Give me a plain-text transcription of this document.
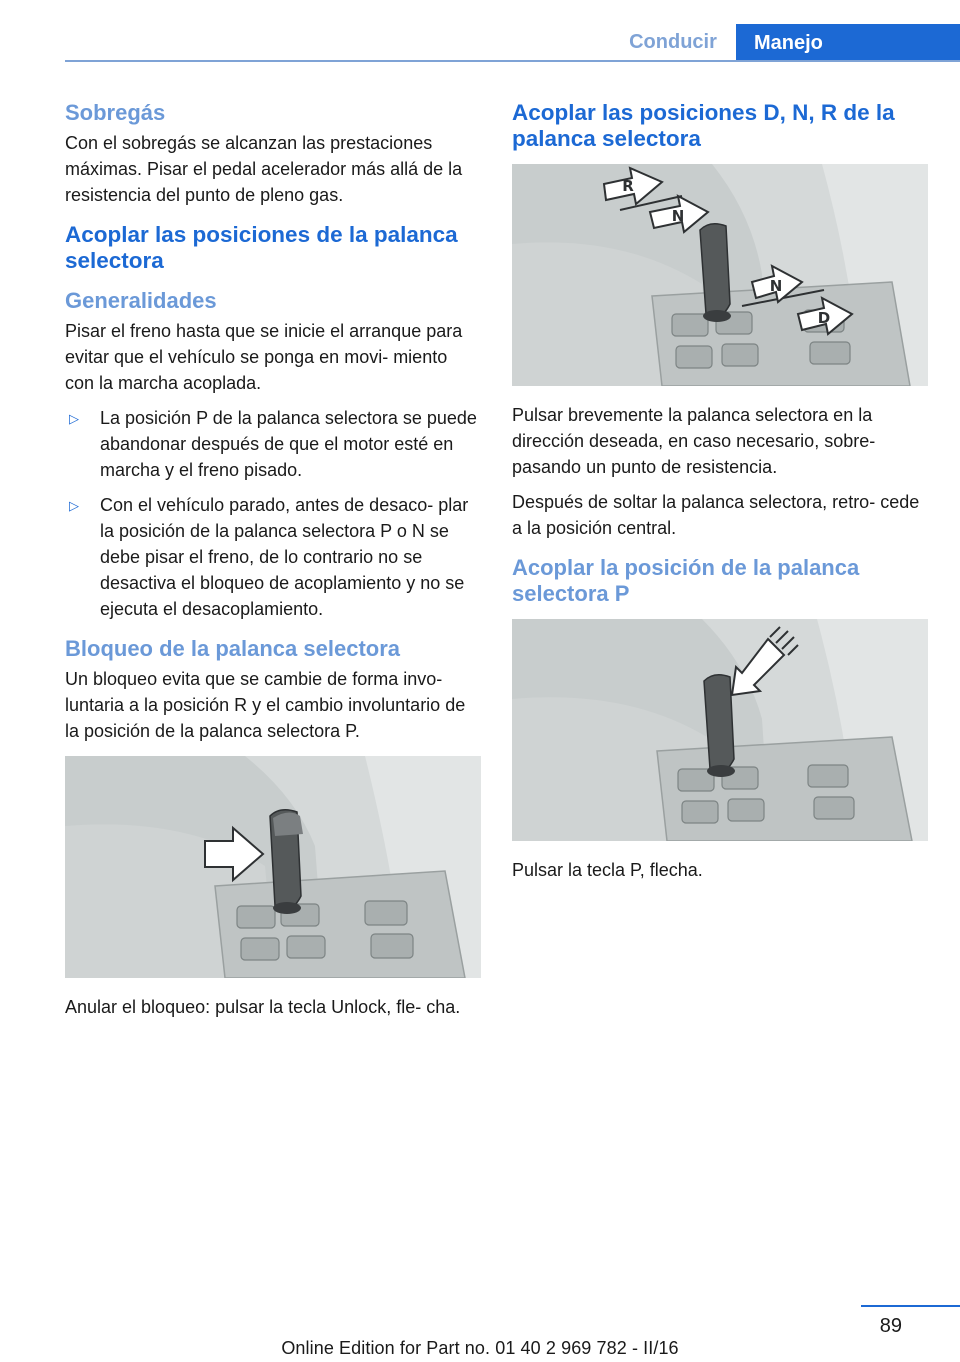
Conducir	Manejo
Sobregás

Con el sobregás se alcanzan las prestaciones máximas. Pisar el pedal acelerador más allá de la resistencia del punto de pleno gas.

Acoplar las posiciones de la palanca selectora
Generalidades

Pisar el freno hasta que se inicie el arranque para evitar que el vehículo se ponga en movi- miento con la marcha acoplada.

▷ La posición P de la palanca selectora se puede abandonar después de que el motor esté en marcha y el freno pisado.
▷ Con el vehículo parado, antes de desaco- plar la posición de la palanca selectora P o N se debe pisar el freno, de lo contrario no se desactiva el bloqueo de acoplamiento y no se ejecuta el desacoplamiento.
Bloqueo de la palanca selectora

Un bloqueo evita que se cambie de forma invo- luntaria a la posición R y el cambio involuntario de la posición de la palanca selectora P.

Anular el bloqueo: pulsar la tecla Unlock, fle- cha.

Acoplar las posiciones D, N, R de la palanca selectora
R
N
N
D

Pulsar brevemente la palanca selectora en la dirección deseada, en caso necesario, sobre- pasando un punto de resistencia.

Después de soltar la palanca selectora, retro- cede a la posición central.

Acoplar la posición de la palanca selectora P

Pulsar la tecla P, flecha.

89
Online Edition for Part no. 01 40 2 969 782 - II/16
